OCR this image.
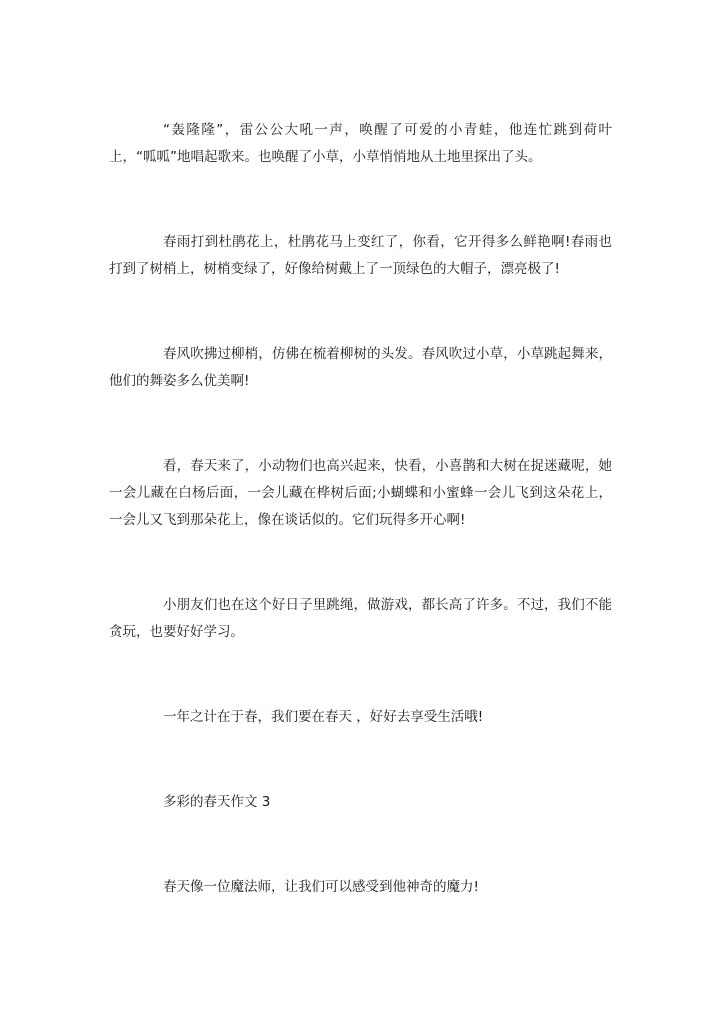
“轰隆隆”，雷公公大吼一声，唤醒了可爱的小青蛙，他连忙跳到荷叶上，“呱呱”地唱起歌来。也唤醒了小草，小草悄悄地从土地里探出了头。

春雨打到杜鹃花上，杜鹃花马上变红了，你看，它开得多么鲜艳啊!春雨也打到了树梢上，树梢变绿了，好像给树戴上了一顶绿色的大帽子，漂亮极了!

春风吹拂过柳梢，仿佛在梳着柳树的头发。春风吹过小草，小草跳起舞来，他们的舞姿多么优美啊!

看，春天来了，小动物们也高兴起来，快看，小喜鹊和大树在捉迷藏呢，她一会儿藏在白杨后面，一会儿藏在桦树后面;小蝴蝶和小蜜蜂一会儿飞到这朵花上，一会儿又飞到那朵花上，像在谈话似的。它们玩得多开心啊!

小朋友们也在这个好日子里跳绳，做游戏，都长高了许多。不过，我们不能贪玩，也要好好学习。

一年之计在于春，我们要在春天 ，好好去享受生活哦!

多彩的春天作文 3

春天像一位魔法师，让我们可以感受到他神奇的魔力!
